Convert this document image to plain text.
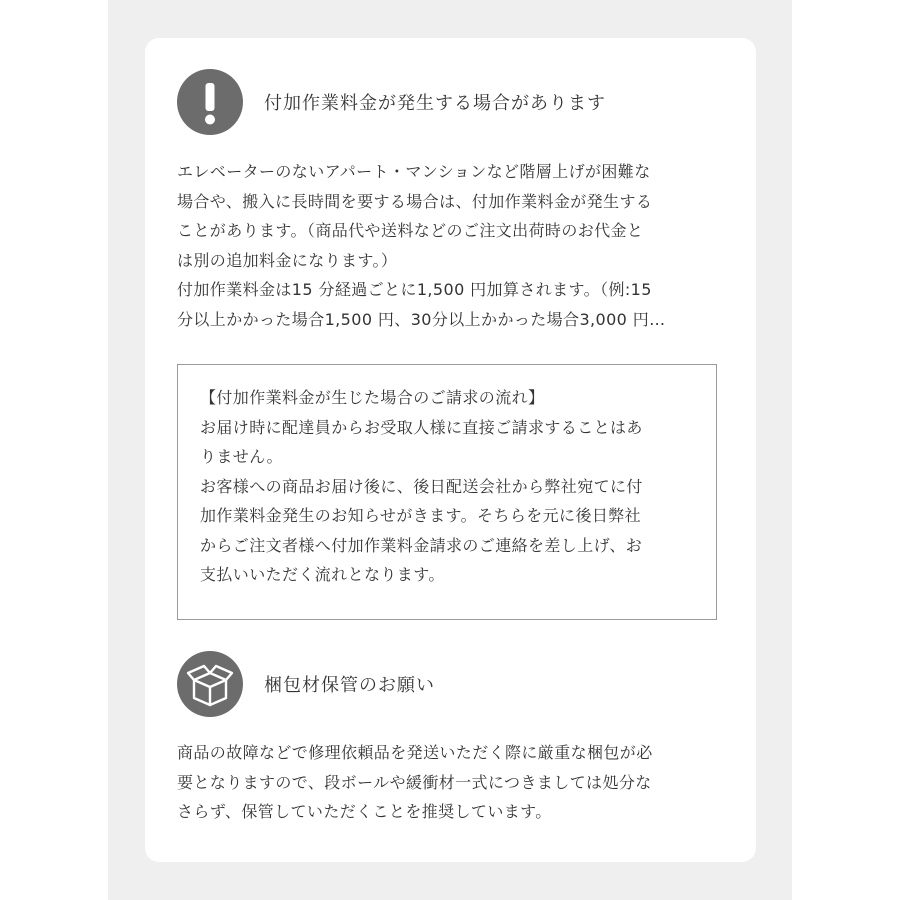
付加作業料金が発生する場合があります

エレベーターのないアパート・マンションなど階層上げが困難な

場合や、搬入に長時間を要する場合は、付加作業料金が発生する

ことがあります。（商品代や送料などのご注文出荷時のお代金と

は別の追加料金になります。）

付加作業料金は15 分経過ごとに1,500 円加算されます。（例:15

分以上かかった場合1,500 円、30分以上かかった場合3,000 円…

【付加作業料金が生じた場合のご請求の流れ】

お届け時に配達員からお受取人様に直接ご請求することはあ

りません。

お客様への商品お届け後に、後日配送会社から弊社宛てに付

加作業料金発生のお知らせがきます。そちらを元に後日弊社

からご注文者様へ付加作業料金請求のご連絡を差し上げ、お

支払いいただく流れとなります。

梱包材保管のお願い

商品の故障などで修理依頼品を発送いただく際に厳重な梱包が必

要となりますので、段ボールや緩衝材一式につきましては処分な

さらず、保管していただくことを推奨しています。
